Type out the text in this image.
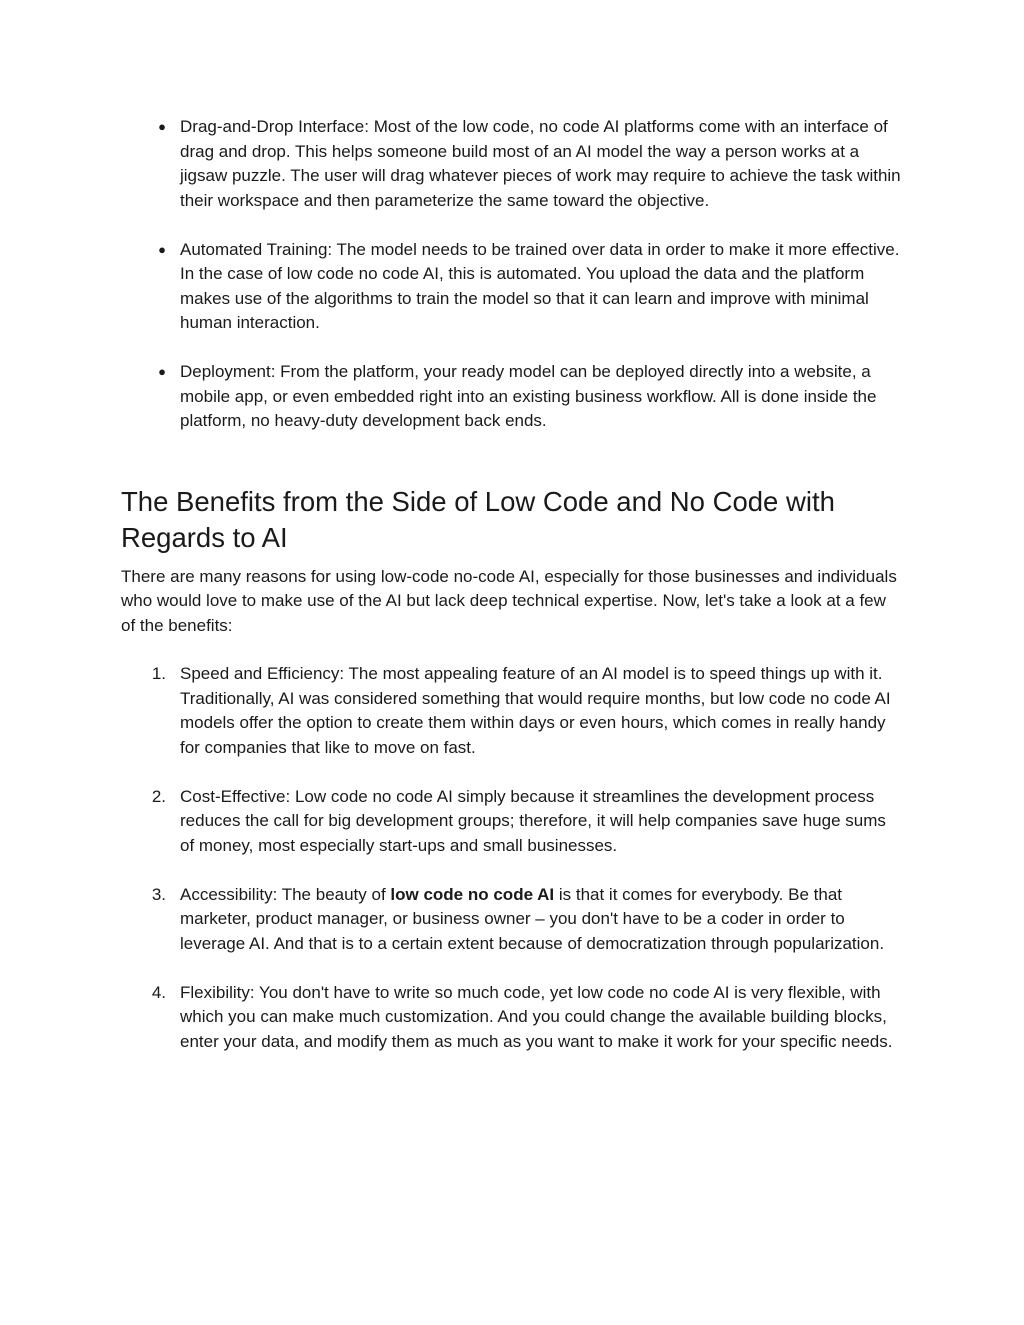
● Drag-and-Drop Interface: Most of the low code, no code AI platforms come with an interface of drag and drop. This helps someone build most of an AI model the way a person works at a jigsaw puzzle. The user will drag whatever pieces of work may require to achieve the task within their workspace and then parameterize the same toward the objective.
● Automated Training: The model needs to be trained over data in order to make it more effective. In the case of low code no code AI, this is automated. You upload the data and the platform makes use of the algorithms to train the model so that it can learn and improve with minimal human interaction.
● Deployment: From the platform, your ready model can be deployed directly into a website, a mobile app, or even embedded right into an existing business workflow. All is done inside the platform, no heavy-duty development back ends.
The Benefits from the Side of Low Code and No Code with Regards to AI

There are many reasons for using low-code no-code AI, especially for those businesses and individuals who would love to make use of the AI but lack deep technical expertise. Now, let's take a look at a few of the benefits:

1. Speed and Efficiency: The most appealing feature of an AI model is to speed things up with it. Traditionally, AI was considered something that would require months, but low code no code AI models offer the option to create them within days or even hours, which comes in really handy for companies that like to move on fast.
2. Cost-Effective: Low code no code AI simply because it streamlines the development process reduces the call for big development groups; therefore, it will help companies save huge sums of money, most especially start-ups and small businesses.
3. Accessibility: The beauty of low code no code AI is that it comes for everybody. Be that marketer, product manager, or business owner – you don't have to be a coder in order to leverage AI. And that is to a certain extent because of democratization through popularization.
4. Flexibility: You don't have to write so much code, yet low code no code AI is very flexible, with which you can make much customization. And you could change the available building blocks, enter your data, and modify them as much as you want to make it work for your specific needs.
